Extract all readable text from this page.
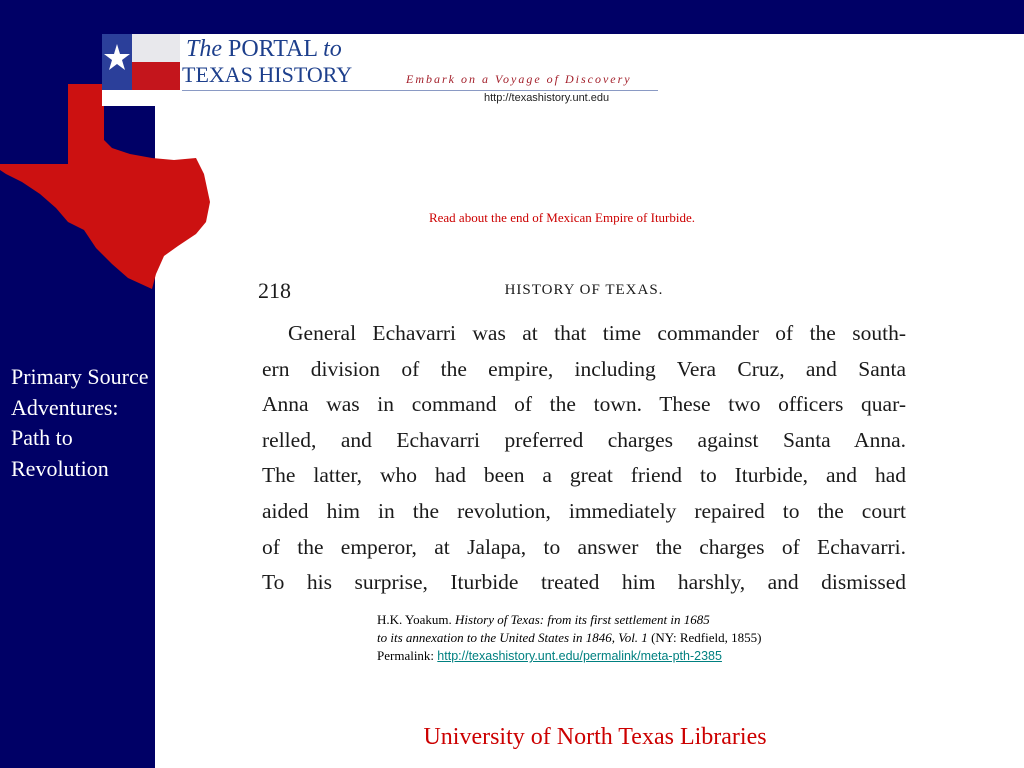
The PORTAL to
TEXAS HISTORY	Embark on a Voyage of Discovery
http://texashistory.unt.edu
Primary Source Adventures: Path to Revolution
Read about the end of Mexican Empire of Iturbide.
218	HISTORY OF TEXAS.
General Echavarri was at that time commander of the south-
ern division of the empire, including Vera Cruz, and Santa
Anna was in command of the town. These two officers quar-
relled, and Echavarri preferred charges against Santa Anna.
The latter, who had been a great friend to Iturbide, and had
aided him in the revolution, immediately repaired to the court
of the emperor, at Jalapa, to answer the charges of Echavarri.
To his surprise, Iturbide treated him harshly, and dismissed
H.K. Yoakum. History of Texas: from its first settlement in 1685
to its annexation to the United States in 1846, Vol. 1 (NY: Redfield, 1855)
Permalink: http://texashistory.unt.edu/permalink/meta-pth-2385
University of North Texas Libraries
